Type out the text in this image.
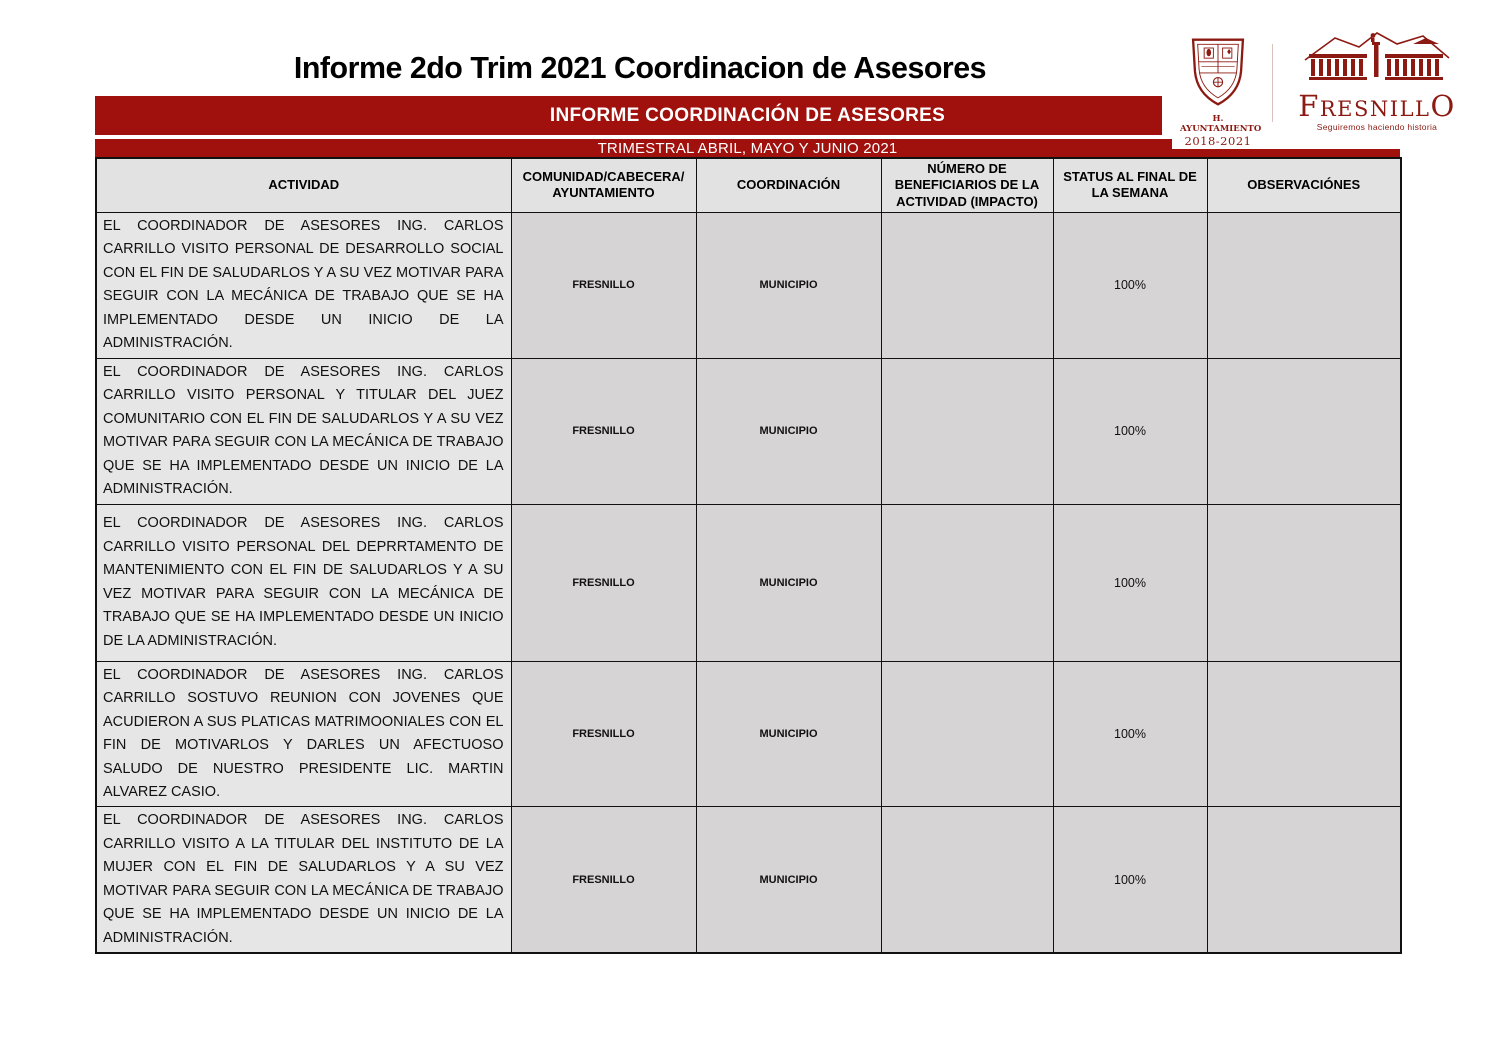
Informe 2do Trim 2021 Coordinacion de Asesores
INFORME COORDINACIÓN DE ASESORES
TRIMESTRAL ABRIL, MAYO Y JUNIO 2021
H. AYUNTAMIENTO
2018-2021
FRESNILLO
Seguiremos haciendo historia
ACTIVIDAD	COMUNIDAD/CABECERA/ AYUNTAMIENTO	COORDINACIÓN	NÚMERO DE BENEFICIARIOS DE LA ACTIVIDAD (IMPACTO)	STATUS AL FINAL DE LA SEMANA	OBSERVACIÓNES
EL COORDINADOR DE ASESORES ING. CARLOS CARRILLO VISITO PERSONAL DE DESARROLLO SOCIAL CON EL FIN DE SALUDARLOS Y A SU VEZ MOTIVAR PARA SEGUIR CON LA MECÁNICA DE TRABAJO QUE SE HA IMPLEMENTADO DESDE UN INICIO DE LA ADMINISTRACIÓN.	FRESNILLO	MUNICIPIO		100%	
EL COORDINADOR DE ASESORES ING. CARLOS CARRILLO VISITO PERSONAL Y TITULAR DEL JUEZ COMUNITARIO CON EL FIN DE SALUDARLOS Y A SU VEZ MOTIVAR PARA SEGUIR CON LA MECÁNICA DE TRABAJO QUE SE HA IMPLEMENTADO DESDE UN INICIO DE LA ADMINISTRACIÓN.	FRESNILLO	MUNICIPIO		100%	
EL COORDINADOR DE ASESORES ING. CARLOS CARRILLO VISITO PERSONAL DEL DEPRRTAMENTO DE MANTENIMIENTO CON EL FIN DE SALUDARLOS Y A SU VEZ MOTIVAR PARA SEGUIR CON LA MECÁNICA DE TRABAJO QUE SE HA IMPLEMENTADO DESDE UN INICIO DE LA ADMINISTRACIÓN.	FRESNILLO	MUNICIPIO		100%	
EL COORDINADOR DE ASESORES ING. CARLOS CARRILLO SOSTUVO REUNION CON JOVENES QUE ACUDIERON A SUS PLATICAS MATRIMOONIALES CON EL FIN DE MOTIVARLOS Y DARLES UN AFECTUOSO SALUDO DE NUESTRO PRESIDENTE LIC. MARTIN ALVAREZ CASIO.	FRESNILLO	MUNICIPIO		100%	
EL COORDINADOR DE ASESORES ING. CARLOS CARRILLO VISITO A LA TITULAR DEL INSTITUTO DE LA MUJER CON EL FIN DE SALUDARLOS Y A SU VEZ MOTIVAR PARA SEGUIR CON LA MECÁNICA DE TRABAJO QUE SE HA IMPLEMENTADO DESDE UN INICIO DE LA ADMINISTRACIÓN.	FRESNILLO	MUNICIPIO		100%	
